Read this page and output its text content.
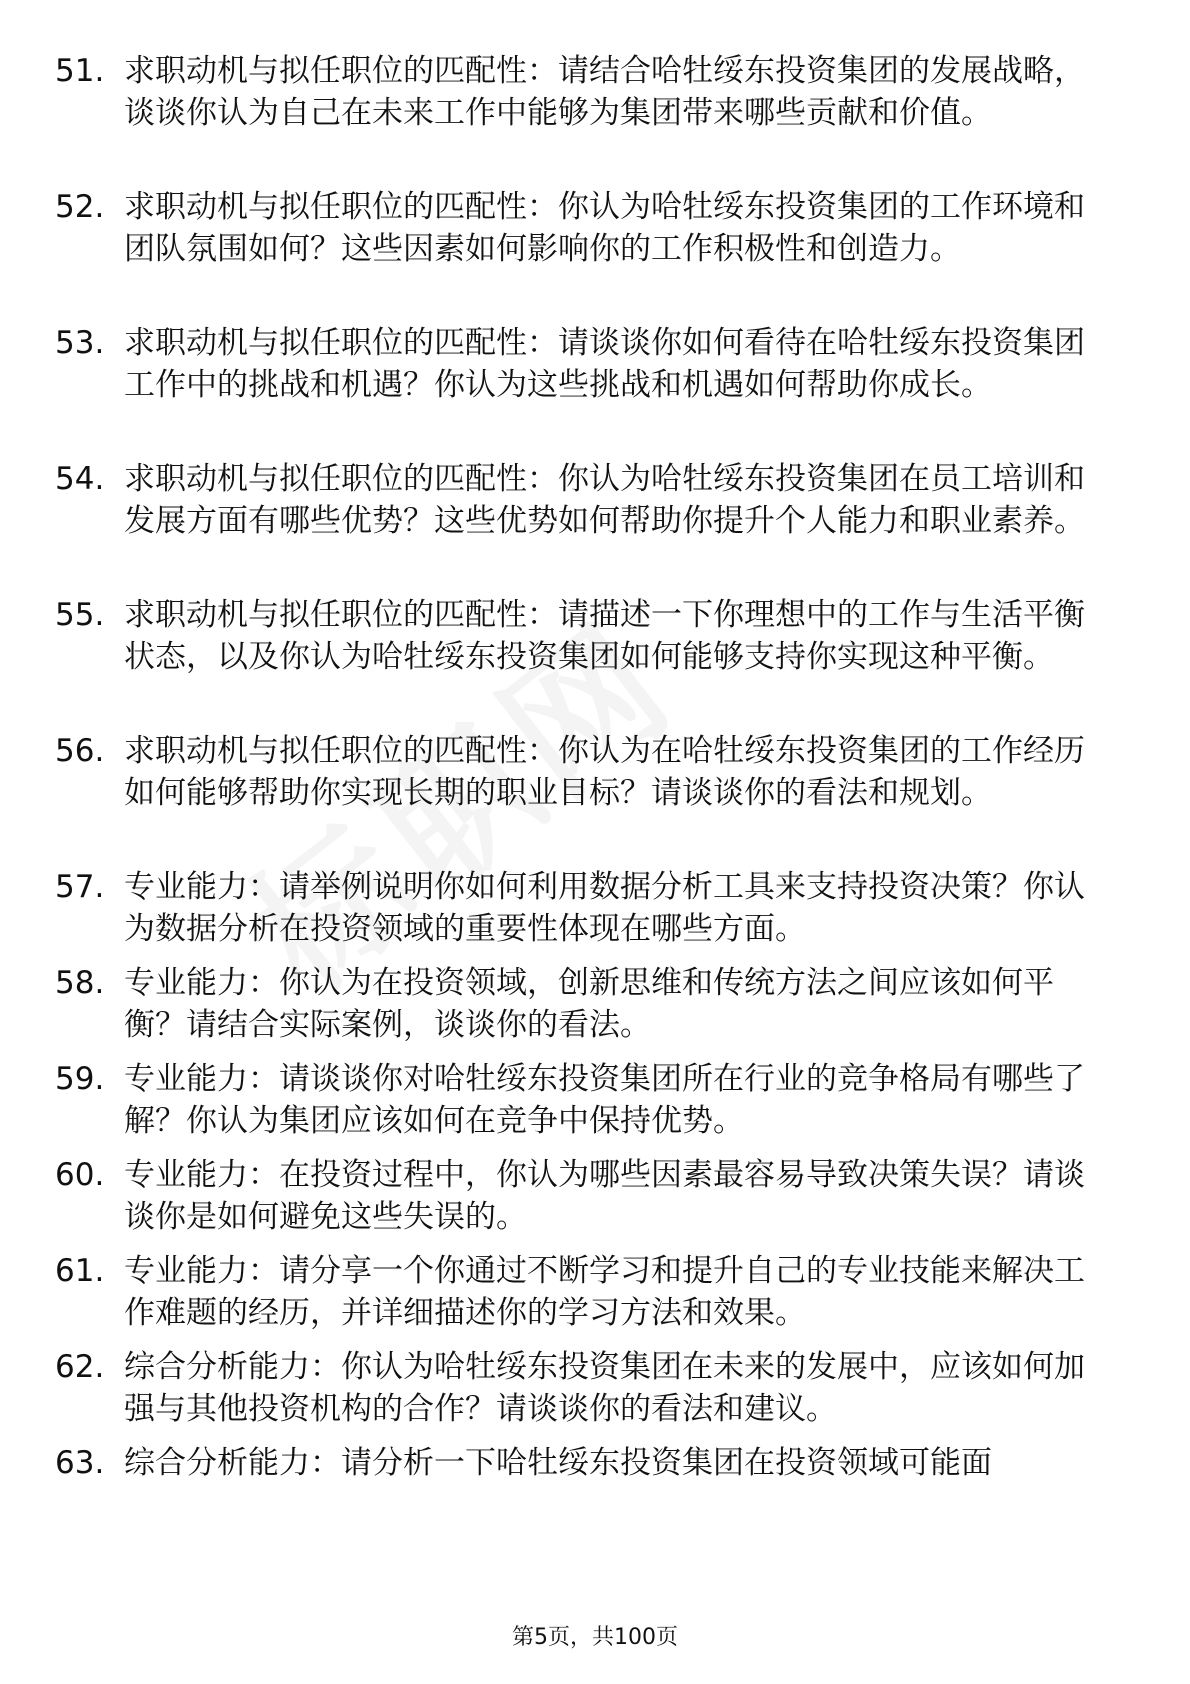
51. 求职动机与拟任职位的匹配性：请结合哈牡绥东投资集团的发展战略，谈谈你认为自己在未来工作中能够为集团带来哪些贡献和价值。
52. 求职动机与拟任职位的匹配性：你认为哈牡绥东投资集团的工作环境和团队氛围如何？这些因素如何影响你的工作积极性和创造力。
53. 求职动机与拟任职位的匹配性：请谈谈你如何看待在哈牡绥东投资集团工作中的挑战和机遇？你认为这些挑战和机遇如何帮助你成长。
54. 求职动机与拟任职位的匹配性：你认为哈牡绥东投资集团在员工培训和发展方面有哪些优势？这些优势如何帮助你提升个人能力和职业素养。
55. 求职动机与拟任职位的匹配性：请描述一下你理想中的工作与生活平衡状态，以及你认为哈牡绥东投资集团如何能够支持你实现这种平衡。
56. 求职动机与拟任职位的匹配性：你认为在哈牡绥东投资集团的工作经历如何能够帮助你实现长期的职业目标？请谈谈你的看法和规划。
57. 专业能力：请举例说明你如何利用数据分析工具来支持投资决策？你认为数据分析在投资领域的重要性体现在哪些方面。
58. 专业能力：你认为在投资领域，创新思维和传统方法之间应该如何平衡？请结合实际案例，谈谈你的看法。
59. 专业能力：请谈谈你对哈牡绥东投资集团所在行业的竞争格局有哪些了解？你认为集团应该如何在竞争中保持优势。
60. 专业能力：在投资过程中，你认为哪些因素最容易导致决策失误？请谈谈你是如何避免这些失误的。
61. 专业能力：请分享一个你通过不断学习和提升自己的专业技能来解决工作难题的经历，并详细描述你的学习方法和效果。
62. 综合分析能力：你认为哈牡绥东投资集团在未来的发展中，应该如何加强与其他投资机构的合作？请谈谈你的看法和建议。
63. 综合分析能力：请分析一下哈牡绥东投资集团在投资领域可能面
第5页，共100页
